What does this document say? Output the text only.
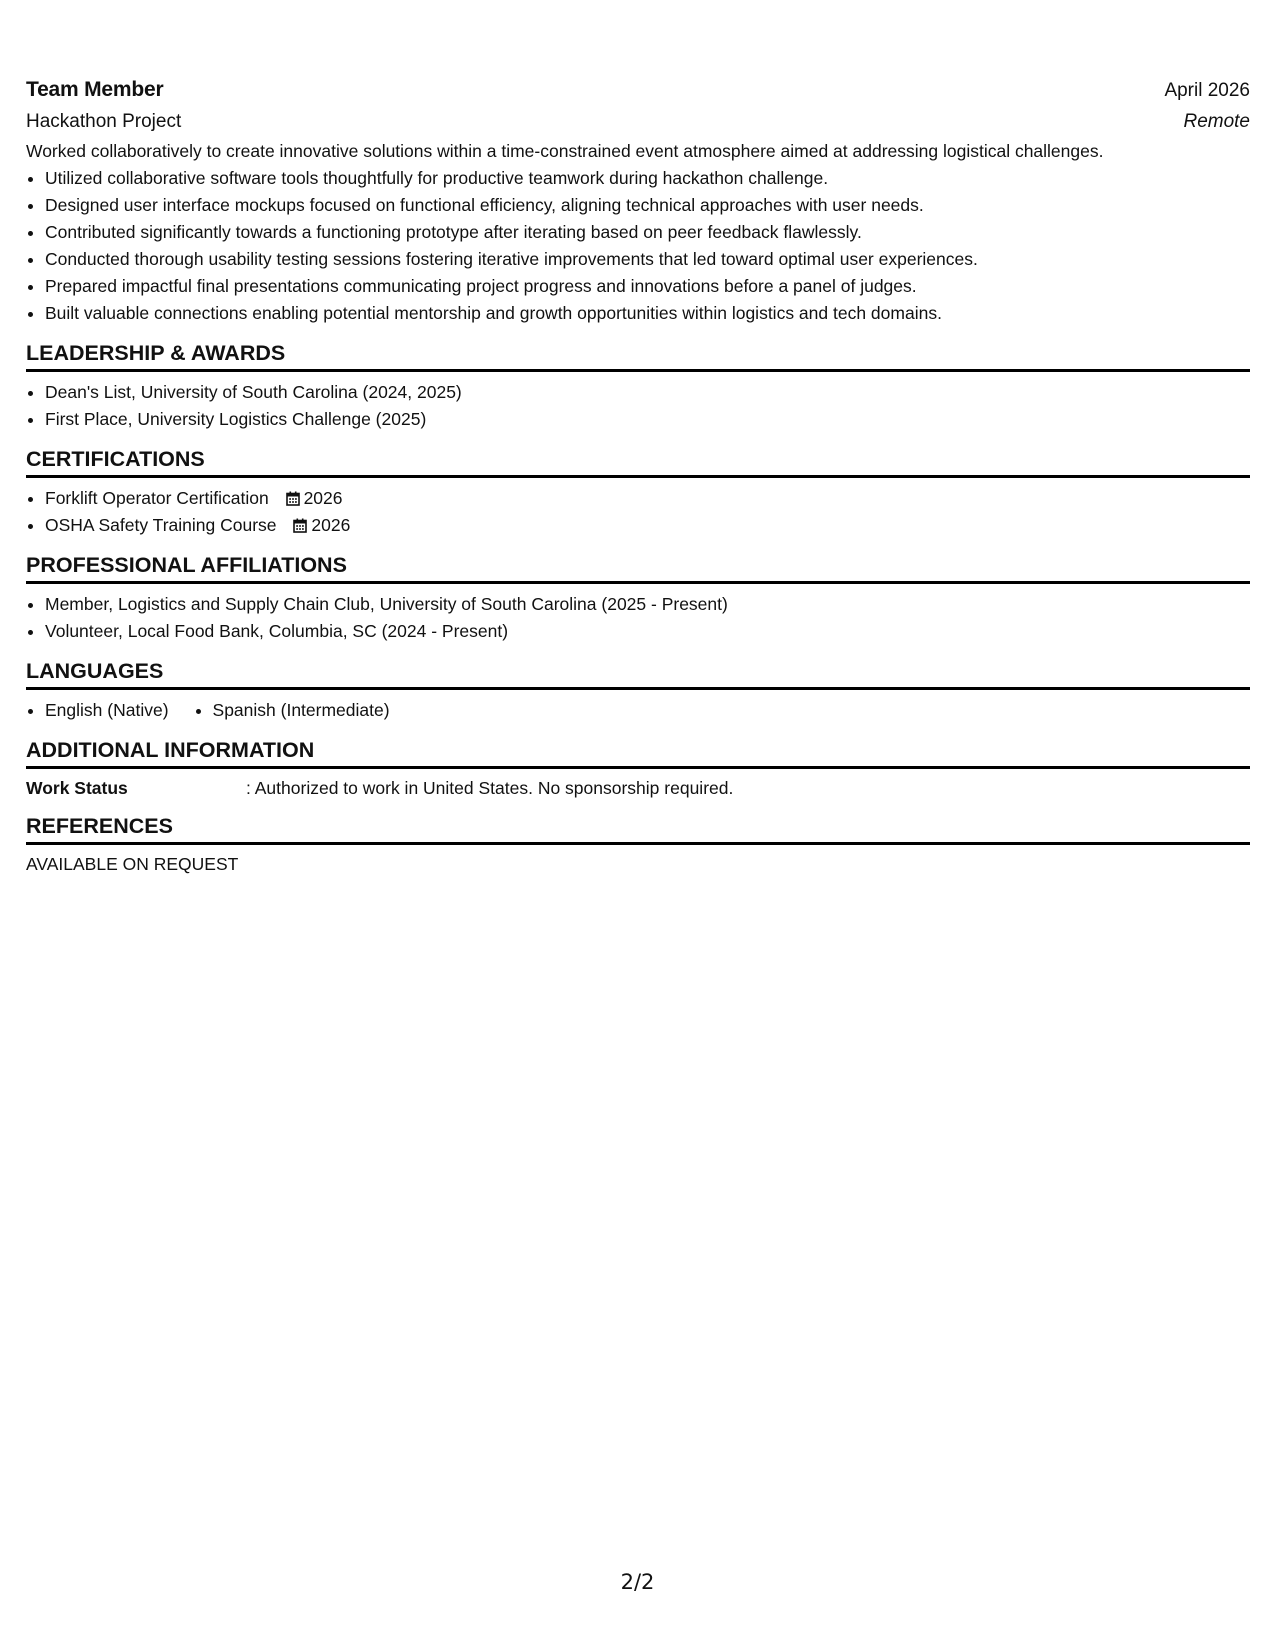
Team Member	April 2026
Hackathon Project	Remote
Worked collaboratively to create innovative solutions within a time-constrained event atmosphere aimed at addressing logistical challenges.
• Utilized collaborative software tools thoughtfully for productive teamwork during hackathon challenge.
• Designed user interface mockups focused on functional efficiency, aligning technical approaches with user needs.
• Contributed significantly towards a functioning prototype after iterating based on peer feedback flawlessly.
• Conducted thorough usability testing sessions fostering iterative improvements that led toward optimal user experiences.
• Prepared impactful final presentations communicating project progress and innovations before a panel of judges.
• Built valuable connections enabling potential mentorship and growth opportunities within logistics and tech domains.
LEADERSHIP & AWARDS
• Dean's List, University of South Carolina (2024, 2025)
• First Place, University Logistics Challenge (2025)
CERTIFICATIONS
• Forklift Operator Certification 2026
• OSHA Safety Training Course 2026
PROFESSIONAL AFFILIATIONS
• Member, Logistics and Supply Chain Club, University of South Carolina (2025 - Present)
• Volunteer, Local Food Bank, Columbia, SC (2024 - Present)
LANGUAGES
• English (Native)
•	Spanish (Intermediate)
ADDITIONAL INFORMATION
Work Status	: Authorized to work in United States. No sponsorship required.
REFERENCES
AVAILABLE ON REQUEST
2/2
